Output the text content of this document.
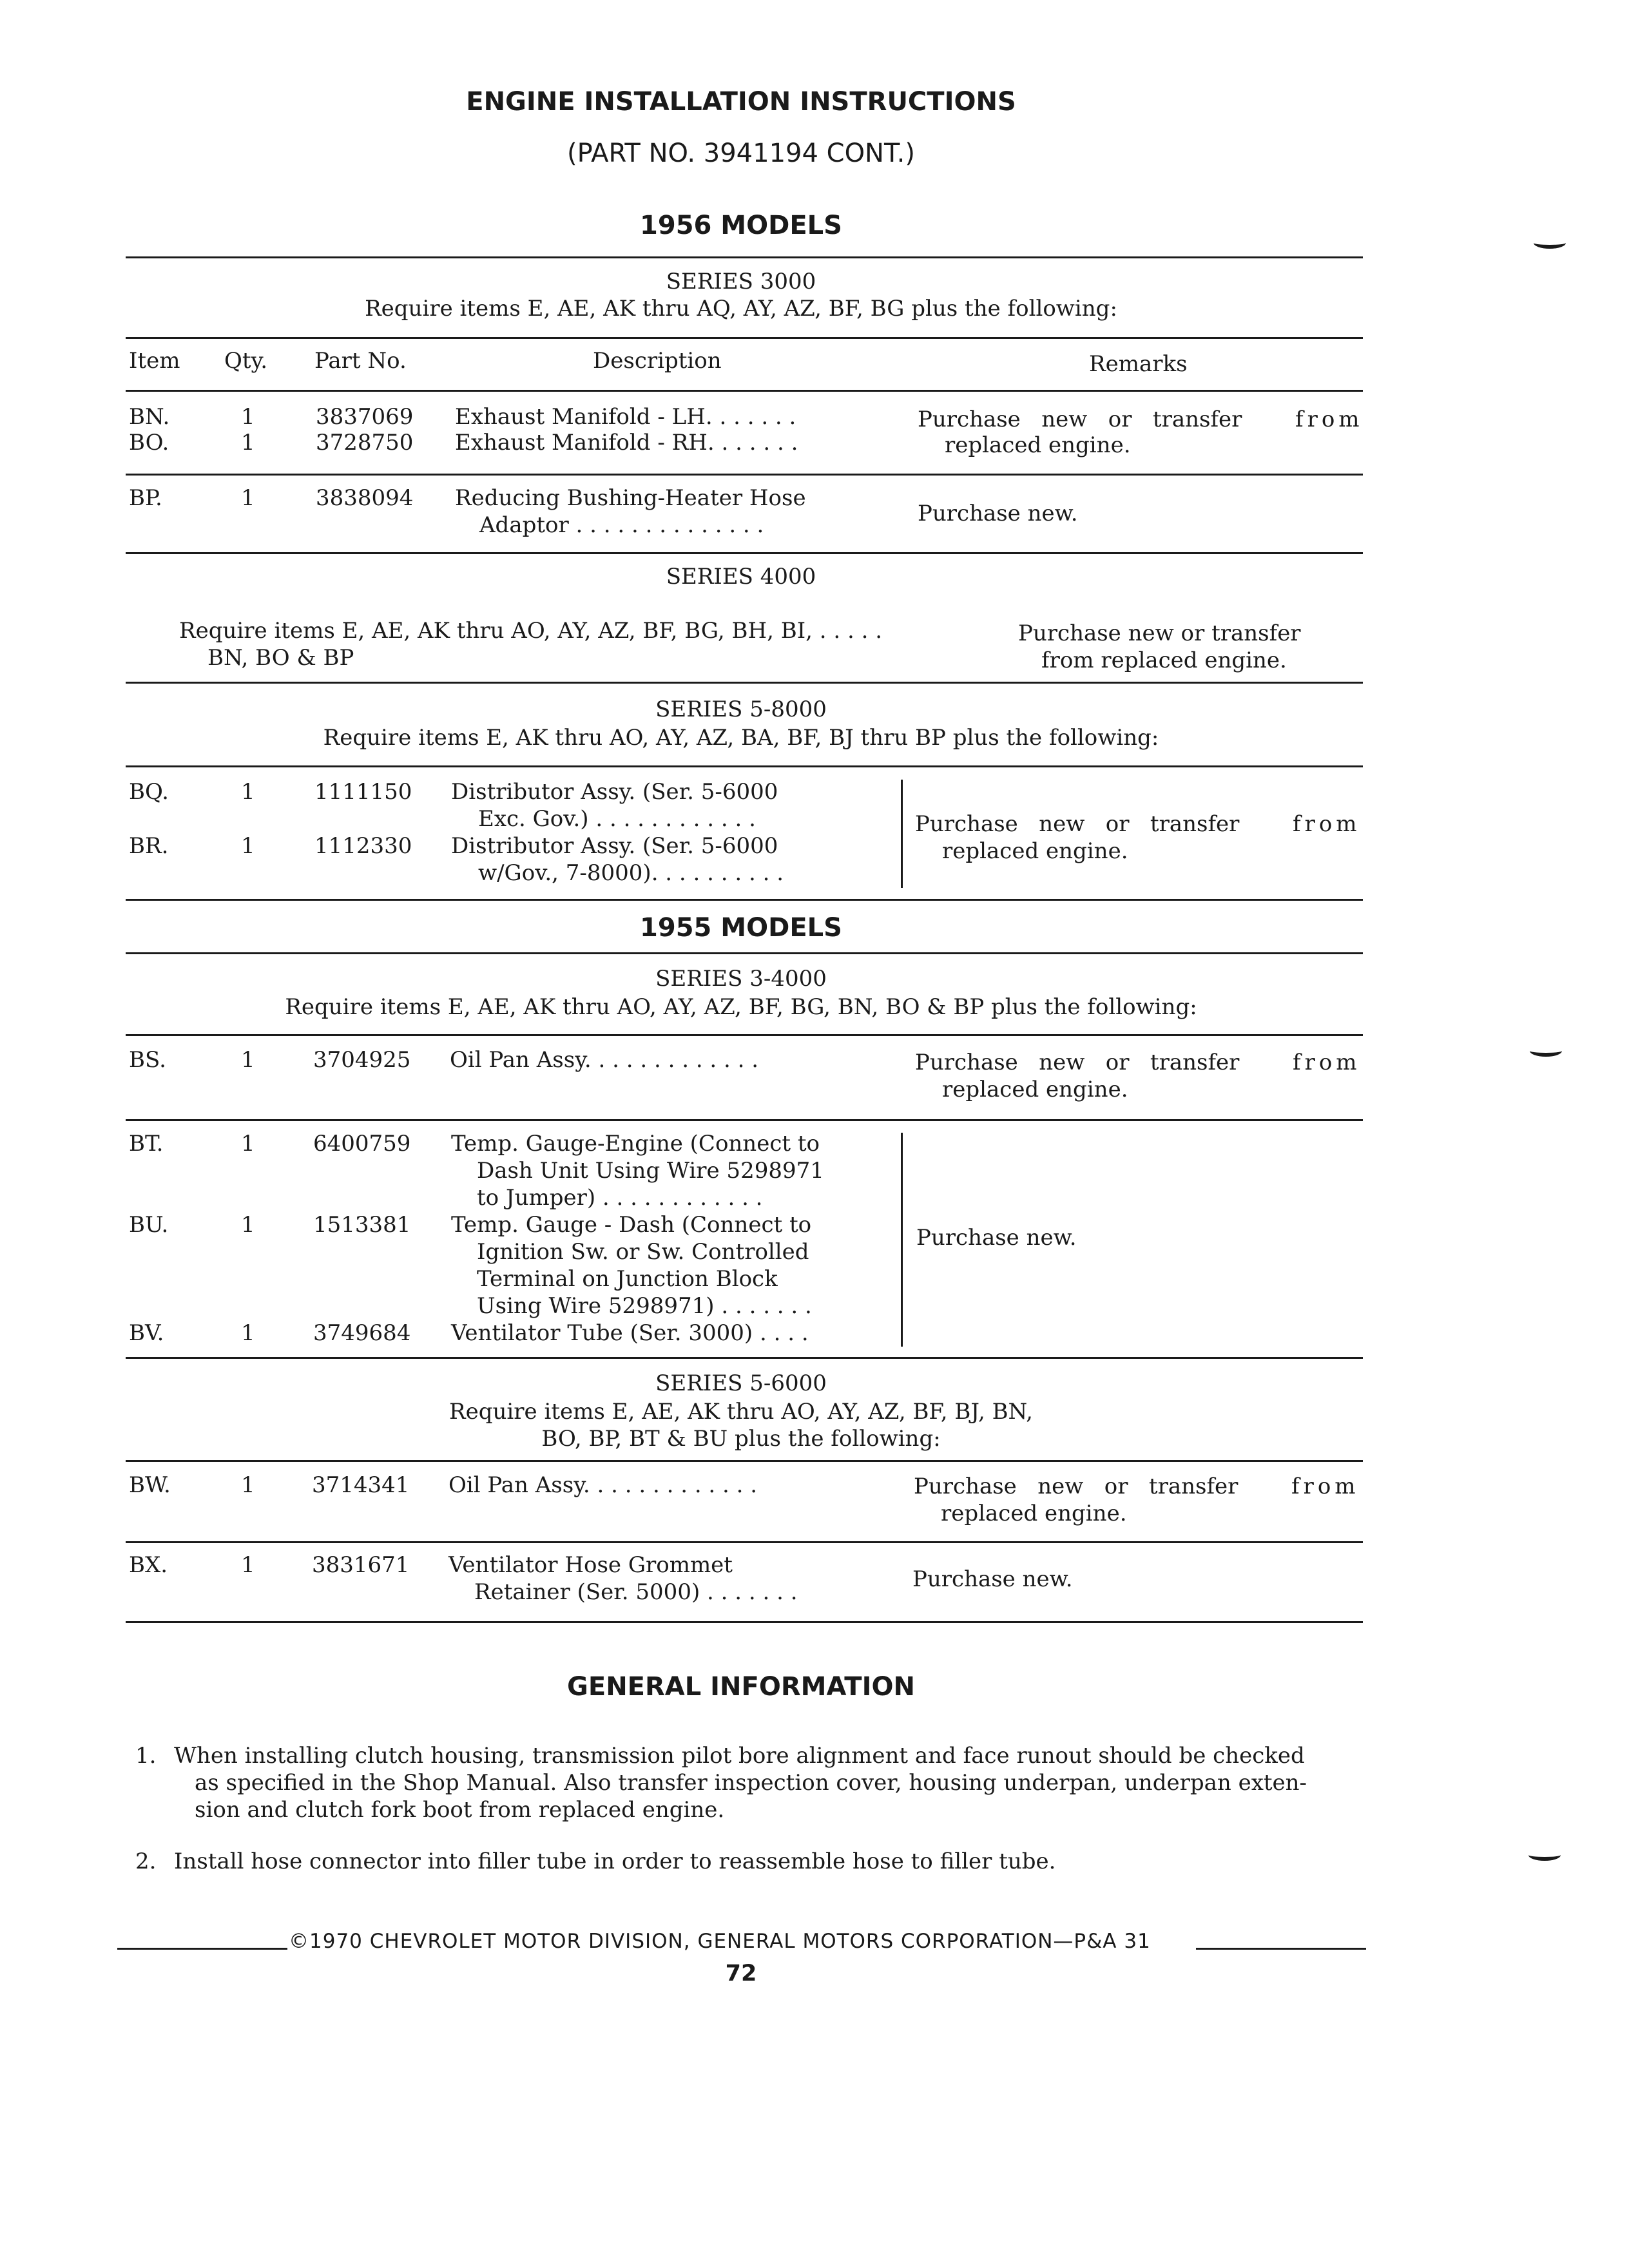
ENGINE INSTALLATION INSTRUCTIONS
(PART NO. 3941194 CONT.)
1956 MODELS
SERIES 3000
Require items E, AE, AK thru AQ, AY, AZ, BF, BG plus the following:
Item Qty. Part No.	Description	Remarks
BN.	1	3837069 Exhaust Manifold - LH. . . . . . .
BO.	1	3728750 Exhaust Manifold - RH. . . . . . .
Purchase   new   or   transfer from
replaced engine.
BP.	1	3838094 Reducing Bushing-Heater Hose
Adaptor . . . . . . . . . . . . . .	Purchase new.
SERIES 4000
Require items E, AE, AK thru AO, AY, AZ, BF, BG, BH, BI, . . . . .
BN, BO & BP
Purchase new or transfer
from replaced engine.
SERIES 5-8000
Require items E, AK thru AO, AY, AZ, BA, BF, BJ thru BP plus the following:
BQ.	1	1111150 Distributor Assy. (Ser. 5-6000
Exc. Gov.) . . . . . . . . . . . .
BR.	1	1112330 Distributor Assy. (Ser. 5-6000
w/Gov., 7-8000). . . . . . . . . .
Purchase   new   or   transfer from
replaced engine.
1955 MODELS
SERIES 3-4000
Require items E, AE, AK thru AO, AY, AZ, BF, BG, BN, BO & BP plus the following:
BS.	1	3704925 Oil Pan Assy. . . . . . . . . . . . .	Purchase   new   or   transfer from
replaced engine.
BT.	1	6400759 Temp. Gauge-Engine (Connect to
Dash Unit Using Wire 5298971
to Jumper) . . . . . . . . . . . .
BU.	1	1513381 Temp. Gauge - Dash (Connect to
Ignition Sw. or Sw. Controlled
Terminal on Junction Block
Using Wire 5298971) . . . . . . .
BV.	1	3749684 Ventilator Tube (Ser. 3000) . . . .
Purchase new.
SERIES 5-6000
Require items E, AE, AK thru AO, AY, AZ, BF, BJ, BN,
BO, BP, BT & BU plus the following:
BW.	1	3714341 Oil Pan Assy. . . . . . . . . . . . .	Purchase   new   or   transfer from
replaced engine.
BX.	1	3831671 Ventilator Hose Grommet
Retainer (Ser. 5000) . . . . . . .	Purchase new.
GENERAL INFORMATION
1. When installing clutch housing, transmission pilot bore alignment and face runout should be checked
as specified in the Shop Manual. Also transfer inspection cover, housing underpan, underpan exten-
sion and clutch fork boot from replaced engine.
2. Install hose connector into filler tube in order to reassemble hose to filler tube.
©1970 CHEVROLET MOTOR DIVISION, GENERAL MOTORS CORPORATION—P&A 31
72
